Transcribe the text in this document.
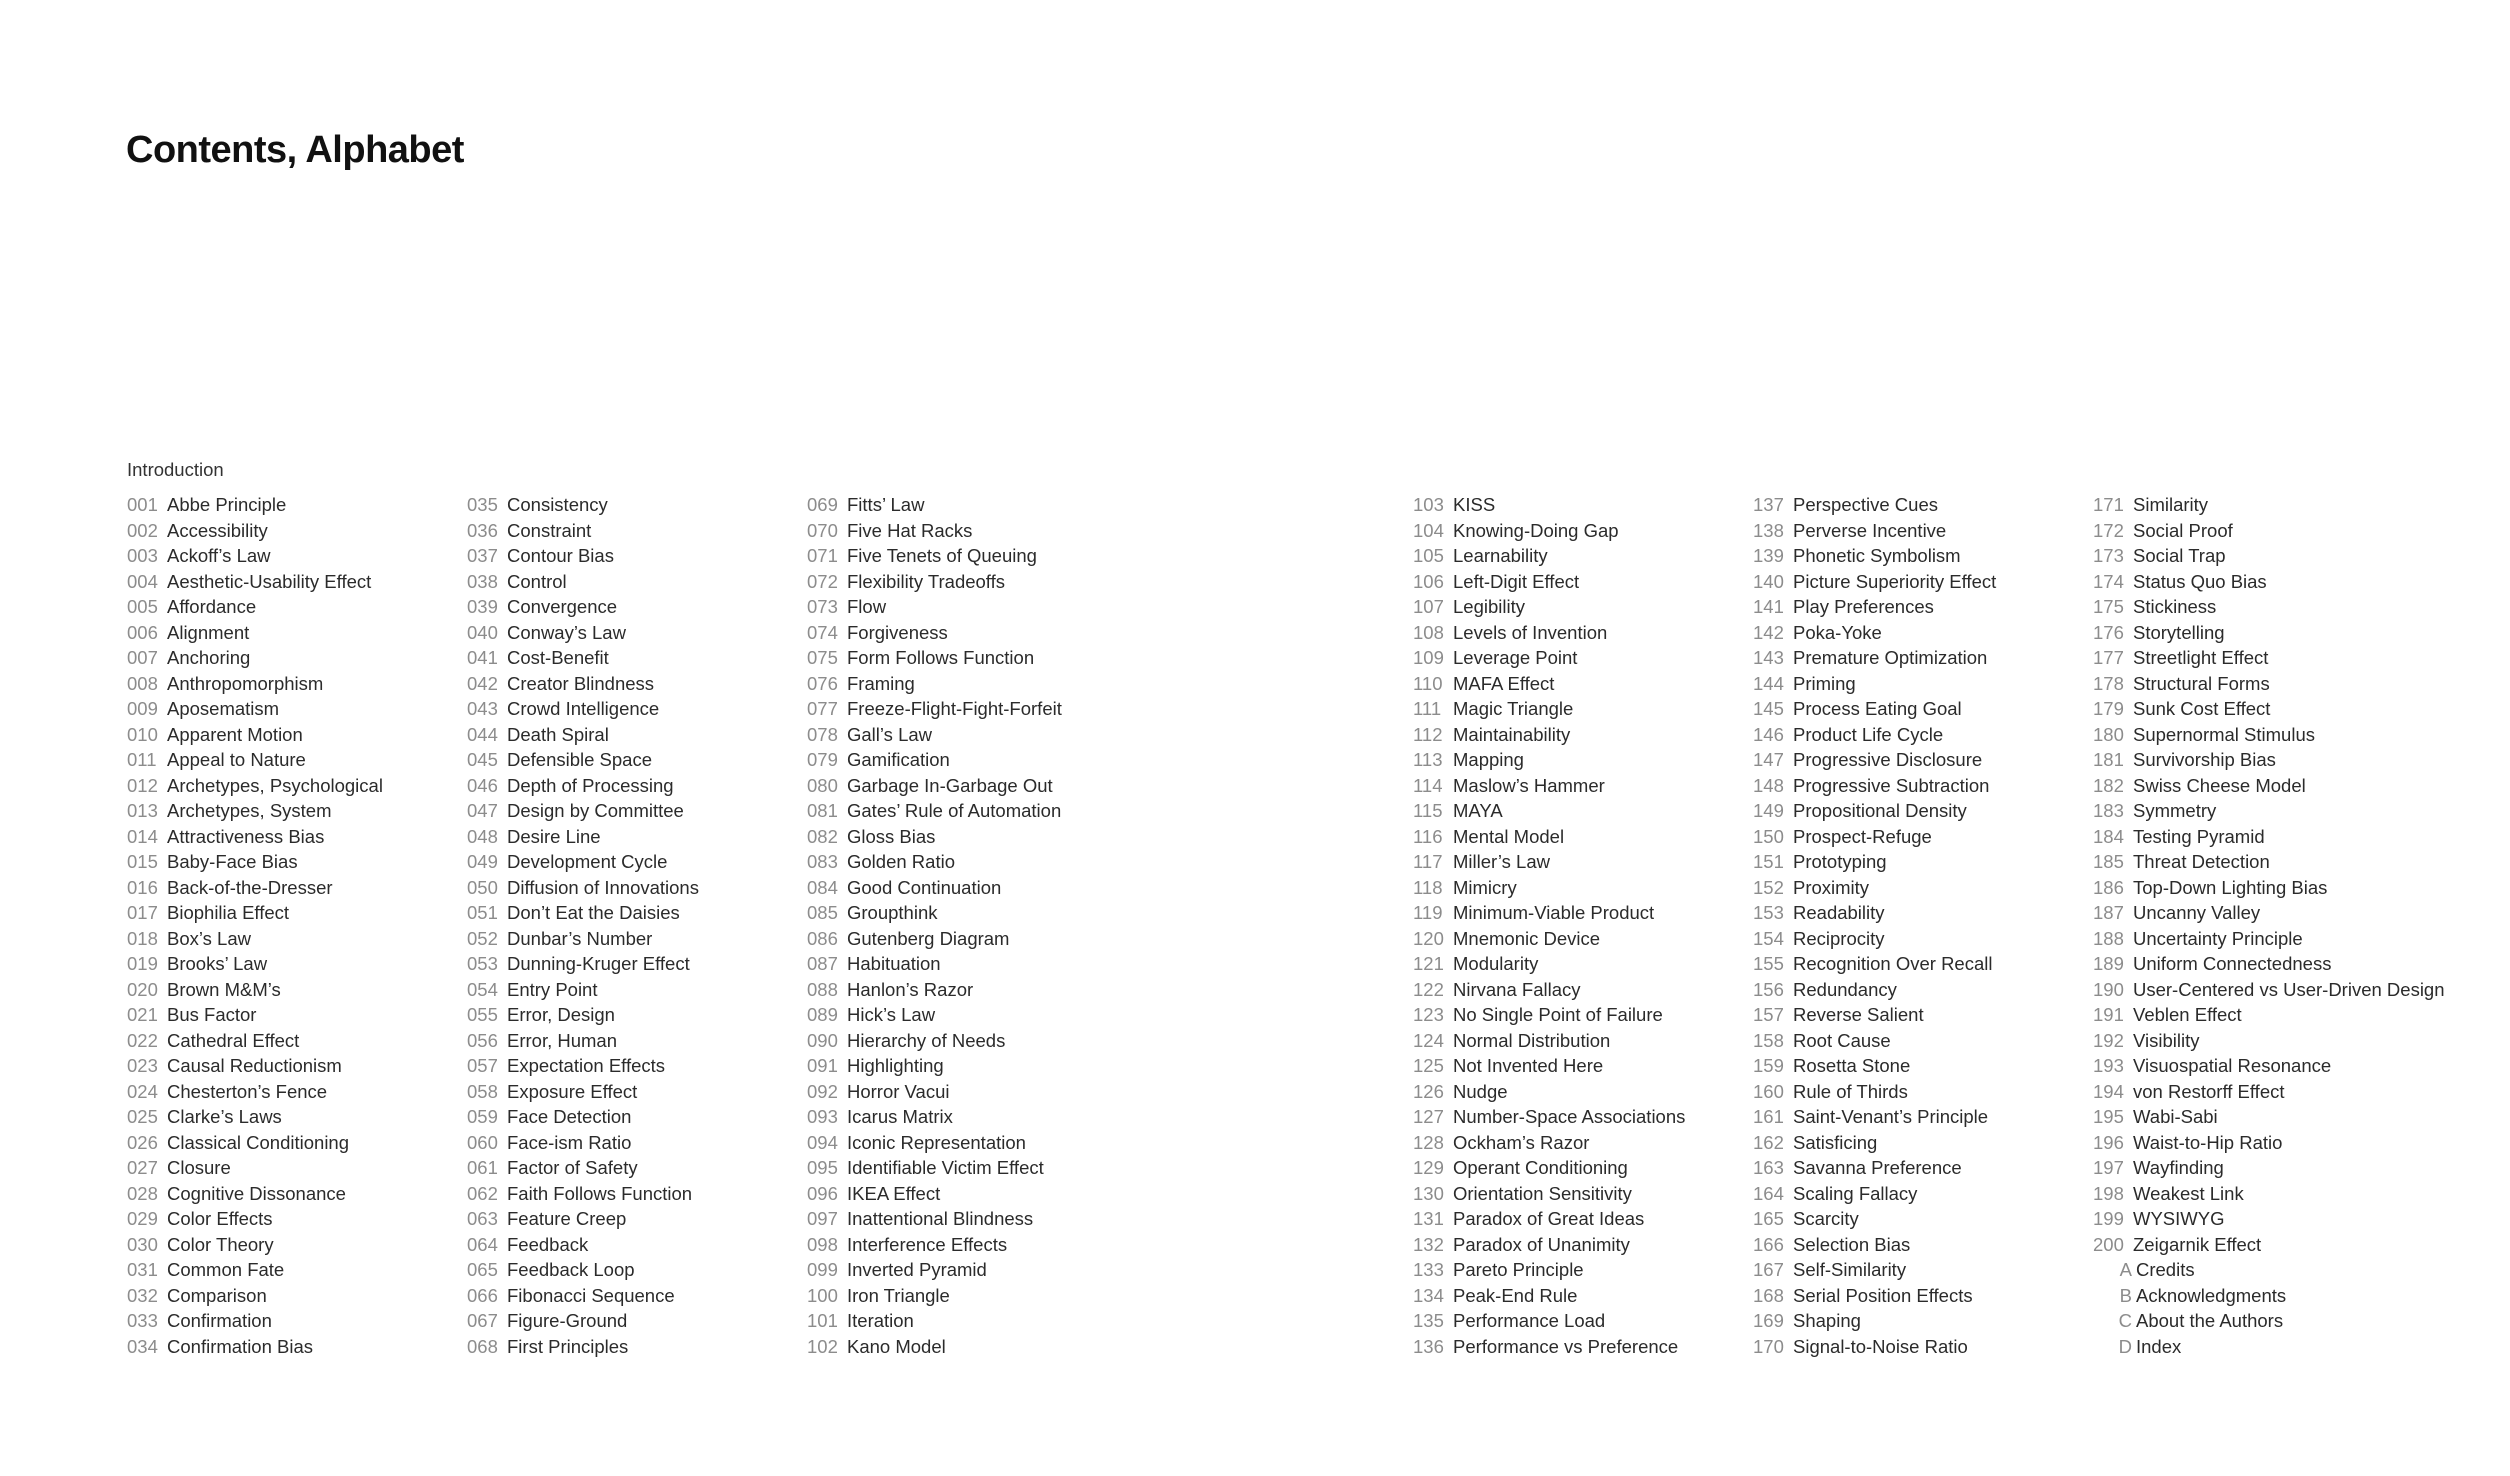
Contents, Alphabet
Introduction
001 Abbe Principle
002 Accessibility
003 Ackoff’s Law
004 Aesthetic-Usability Effect
005 Affordance
006 Alignment
007 Anchoring
008 Anthropomorphism
009 Aposematism
010 Apparent Motion
011 Appeal to Nature
012 Archetypes, Psychological
013 Archetypes, System
014 Attractiveness Bias
015 Baby-Face Bias
016 Back-of-the-Dresser
017 Biophilia Effect
018 Box’s Law
019 Brooks’ Law
020 Brown M&M’s
021 Bus Factor
022 Cathedral Effect
023 Causal Reductionism
024 Chesterton’s Fence
025 Clarke’s Laws
026 Classical Conditioning
027 Closure
028 Cognitive Dissonance
029 Color Effects
030 Color Theory
031 Common Fate
032 Comparison
033 Confirmation
034 Confirmation Bias
035 Consistency
036 Constraint
037 Contour Bias
038 Control
039 Convergence
040 Conway’s Law
041 Cost-Benefit
042 Creator Blindness
043 Crowd Intelligence
044 Death Spiral
045 Defensible Space
046 Depth of Processing
047 Design by Committee
048 Desire Line
049 Development Cycle
050 Diffusion of Innovations
051 Don’t Eat the Daisies
052 Dunbar’s Number
053 Dunning-Kruger Effect
054 Entry Point
055 Error, Design
056 Error, Human
057 Expectation Effects
058 Exposure Effect
059 Face Detection
060 Face-ism Ratio
061 Factor of Safety
062 Faith Follows Function
063 Feature Creep
064 Feedback
065 Feedback Loop
066 Fibonacci Sequence
067 Figure-Ground
068 First Principles
069 Fitts’ Law
070 Five Hat Racks
071 Five Tenets of Queuing
072 Flexibility Tradeoffs
073 Flow
074 Forgiveness
075 Form Follows Function
076 Framing
077 Freeze-Flight-Fight-Forfeit
078 Gall’s Law
079 Gamification
080 Garbage In-Garbage Out
081 Gates’ Rule of Automation
082 Gloss Bias
083 Golden Ratio
084 Good Continuation
085 Groupthink
086 Gutenberg Diagram
087 Habituation
088 Hanlon’s Razor
089 Hick’s Law
090 Hierarchy of Needs
091 Highlighting
092 Horror Vacui
093 Icarus Matrix
094 Iconic Representation
095 Identifiable Victim Effect
096 IKEA Effect
097 Inattentional Blindness
098 Interference Effects
099 Inverted Pyramid
100 Iron Triangle
101 Iteration
102 Kano Model
103 KISS
104 Knowing-Doing Gap
105 Learnability
106 Left-Digit Effect
107 Legibility
108 Levels of Invention
109 Leverage Point
110 MAFA Effect
111 Magic Triangle
112 Maintainability
113 Mapping
114 Maslow’s Hammer
115 MAYA
116 Mental Model
117 Miller’s Law
118 Mimicry
119 Minimum-Viable Product
120 Mnemonic Device
121 Modularity
122 Nirvana Fallacy
123 No Single Point of Failure
124 Normal Distribution
125 Not Invented Here
126 Nudge
127 Number-Space Associations
128 Ockham’s Razor
129 Operant Conditioning
130 Orientation Sensitivity
131 Paradox of Great Ideas
132 Paradox of Unanimity
133 Pareto Principle
134 Peak-End Rule
135 Performance Load
136 Performance vs Preference
137 Perspective Cues
138 Perverse Incentive
139 Phonetic Symbolism
140 Picture Superiority Effect
141 Play Preferences
142 Poka-Yoke
143 Premature Optimization
144 Priming
145 Process Eating Goal
146 Product Life Cycle
147 Progressive Disclosure
148 Progressive Subtraction
149 Propositional Density
150 Prospect-Refuge
151 Prototyping
152 Proximity
153 Readability
154 Reciprocity
155 Recognition Over Recall
156 Redundancy
157 Reverse Salient
158 Root Cause
159 Rosetta Stone
160 Rule of Thirds
161 Saint-Venant’s Principle
162 Satisficing
163 Savanna Preference
164 Scaling Fallacy
165 Scarcity
166 Selection Bias
167 Self-Similarity
168 Serial Position Effects
169 Shaping
170 Signal-to-Noise Ratio
171 Similarity
172 Social Proof
173 Social Trap
174 Status Quo Bias
175 Stickiness
176 Storytelling
177 Streetlight Effect
178 Structural Forms
179 Sunk Cost Effect
180 Supernormal Stimulus
181 Survivorship Bias
182 Swiss Cheese Model
183 Symmetry
184 Testing Pyramid
185 Threat Detection
186 Top-Down Lighting Bias
187 Uncanny Valley
188 Uncertainty Principle
189 Uniform Connectedness
190 User-Centered vs User-Driven Design
191 Veblen Effect
192 Visibility
193 Visuospatial Resonance
194 von Restorff Effect
195 Wabi-Sabi
196 Waist-to-Hip Ratio
197 Wayfinding
198 Weakest Link
199 WYSIWYG
200 Zeigarnik Effect
A Credits
B Acknowledgments
C About the Authors
D Index
